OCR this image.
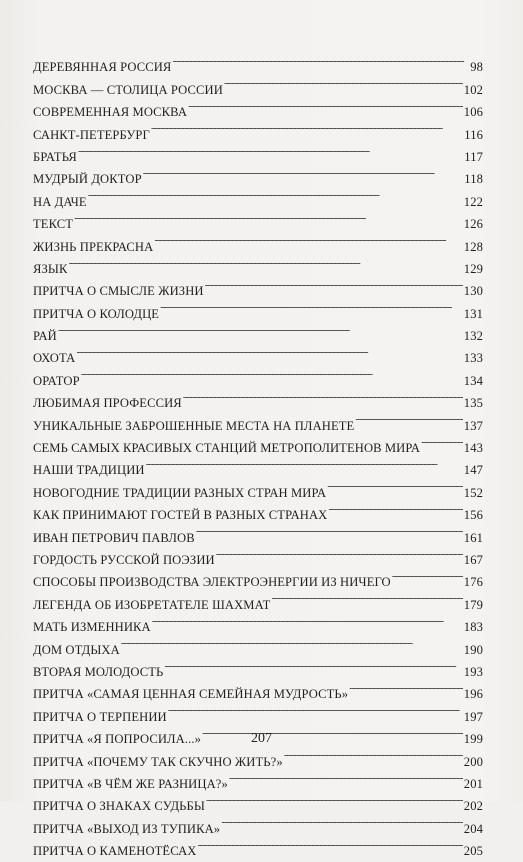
ДЕРЕВЯННАЯ РОССИЯ . . .	98
МОСКВА — СТОЛИЦА РОССИИ . . .	102
СОВРЕМЕННАЯ МОСКВА . . .	106
САНКТ-ПЕТЕРБУРГ . . .	116
БРАТЬЯ . . .	117
МУДРЫЙ ДОКТОР . . .	118
НА ДАЧЕ . . .	122
ТЕКСТ . . .	126
ЖИЗНЬ ПРЕКРАСНА . . .	128
ЯЗЫК . . .	129
ПРИТЧА О СМЫСЛЕ ЖИЗНИ . . .	130
ПРИТЧА О КОЛОДЦЕ . . .	131
РАЙ . . .	132
ОХОТА . . .	133
ОРАТОР . . .	134
ЛЮБИМАЯ ПРОФЕССИЯ . . .	135
УНИКАЛЬНЫЕ ЗАБРОШЕННЫЕ МЕСТА НА ПЛАНЕТЕ . . .	137
СЕМЬ САМЫХ КРАСИВЫХ СТАНЦИЙ МЕТРОПОЛИТЕНОВ МИРА . . .	143
НАШИ ТРАДИЦИИ . . .	147
НОВОГОДНИЕ ТРАДИЦИИ РАЗНЫХ СТРАН МИРА . . .	152
КАК ПРИНИМАЮТ ГОСТЕЙ В РАЗНЫХ СТРАНАХ . . .	156
ИВАН ПЕТРОВИЧ ПАВЛОВ . . .	161
ГОРДОСТЬ РУССКОЙ ПОЭЗИИ . . .	167
СПОСОБЫ ПРОИЗВОДСТВА ЭЛЕКТРОЭНЕРГИИ ИЗ НИЧЕГО . . .	176
ЛЕГЕНДА ОБ ИЗОБРЕТАТЕЛЕ ШАХМАТ . . .	179
МАТЬ ИЗМЕННИКА . . .	183
ДОМ ОТДЫХА . . .	190
ВТОРАЯ МОЛОДОСТЬ . . .	193
ПРИТЧА «САМАЯ ЦЕННАЯ СЕМЕЙНАЯ МУДРОСТЬ» . . .	196
ПРИТЧА О ТЕРПЕНИИ . . .	197
ПРИТЧА «Я ПОПРОСИЛА...» . . .	199
ПРИТЧА «ПОЧЕМУ ТАК СКУЧНО ЖИТЬ?» . . .	200
ПРИТЧА «В ЧЁМ ЖЕ РАЗНИЦА?» . . .	201
ПРИТЧА О ЗНАКАХ СУДЬБЫ . . .	202
ПРИТЧА «ВЫХОД ИЗ ТУПИКА» . . .	204
ПРИТЧА О КАМЕНОТЁСАХ . . .	205
207
